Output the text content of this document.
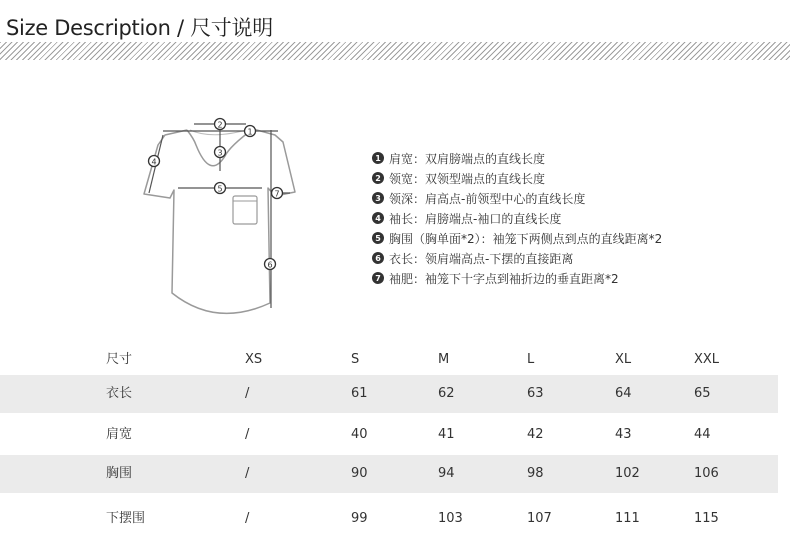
Size Description / 尺寸说明
1
2
3
4
5
6
7
1 肩宽：双肩膀端点的直线长度
2 领宽：双领型端点的直线长度
3 领深：肩高点-前领型中心的直线长度
4 袖长：肩膀端点-袖口的直线长度
5 胸围（胸单面*2）：袖笼下两侧点到点的直线距离*2
6 衣长：领肩端高点-下摆的直接距离
7 袖肥：袖笼下十字点到袖折边的垂直距离*2
尺寸	XS	S	M	L	XL	XXL
衣长	/	61	62	63	64	65
肩宽	/	40	41	42	43	44
胸围	/	90	94	98	102	106
下摆围	/	99	103	107	111	115
